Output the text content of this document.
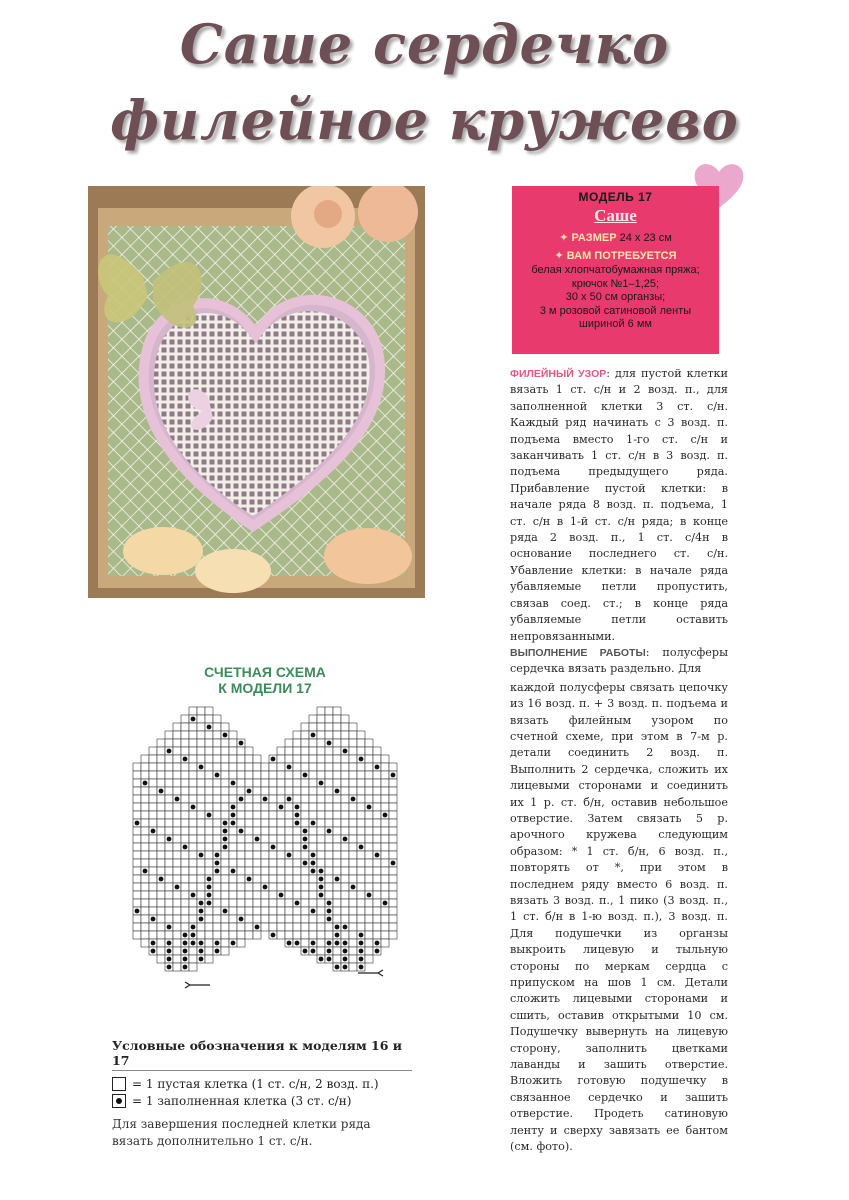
Саше сердечко
филейное кружево
МОДЕЛЬ 17
Саше
✦ РАЗМЕР 24 x 23 см
✦ ВАМ ПОТРЕБУЕТСЯ
белая хлопчатобумажная пряжа;
крючок №1–1,25;
30 х 50 см органзы;
3 м розовой сатиновой ленты
шириной 6 мм

ФИЛЕЙНЫЙ УЗОР: для пустой клетки вязать 1 ст. с/н и 2 возд. п., для заполненной клетки 3 ст. с/н. Каждый ряд начинать с 3 возд. п. подъема вместо 1-го ст. с/н и заканчивать 1 ст. с/н в 3 возд. п. подъема предыдущего ряда. Прибавление пустой клетки: в начале ряда 8 возд. п. подъема, 1 ст. с/н в 1-й ст. с/н ряда; в конце ряда 2 возд. п., 1 ст. с/4н в основание последнего ст. с/н. Убавление клетки: в начале ряда убавляемые петли пропустить, связав соед. ст.; в конце ряда убавляемые петли оставить непровязанными.

ВЫПОЛНЕНИЕ РАБОТЫ: полусферы сердечка вязать раздельно. Для

каждой полусферы связать цепочку из 16 возд. п. + 3 возд. п. подъема и вязать филейным узором по счетной схеме, при этом в 7-м р. детали соединить 2 возд. п. Выполнить 2 сердечка, сложить их лицевыми сторонами и соединить их 1 р. ст. б/н, оставив небольшое отверстие. Затем связать 5 р. арочного кружева следующим образом: * 1 ст. б/н, 6 возд. п., повторять от *, при этом в последнем ряду вместо 6 возд. п. вязать 3 возд. п., 1 пико (3 возд. п., 1 ст. б/н в 1-ю возд. п.), 3 возд. п. Для подушечки из органзы выкроить лицевую и тыльную стороны по меркам сердца с припуском на шов 1 см. Детали сложить лицевыми сторонами и сшить, оставив открытыми 10 см. Подушечку вывернуть на лицевую сторону, заполнить цветками лаванды и зашить отверстие. Вложить готовую подушечку в связанное сердечко и зашить отверстие. Продеть сатиновую ленту и сверху завязать ее бантом (см. фото).

СЧЕТНАЯ СХЕМА
К МОДЕЛИ 17
Условные обозначения к моделям 16 и 17
= 1 пустая клетка (1 ст. с/н, 2 возд. п.)
= 1 заполненная клетка (3 ст. с/н)
Для завершения последней клетки ряда вязать дополнительно 1 ст. с/н.
